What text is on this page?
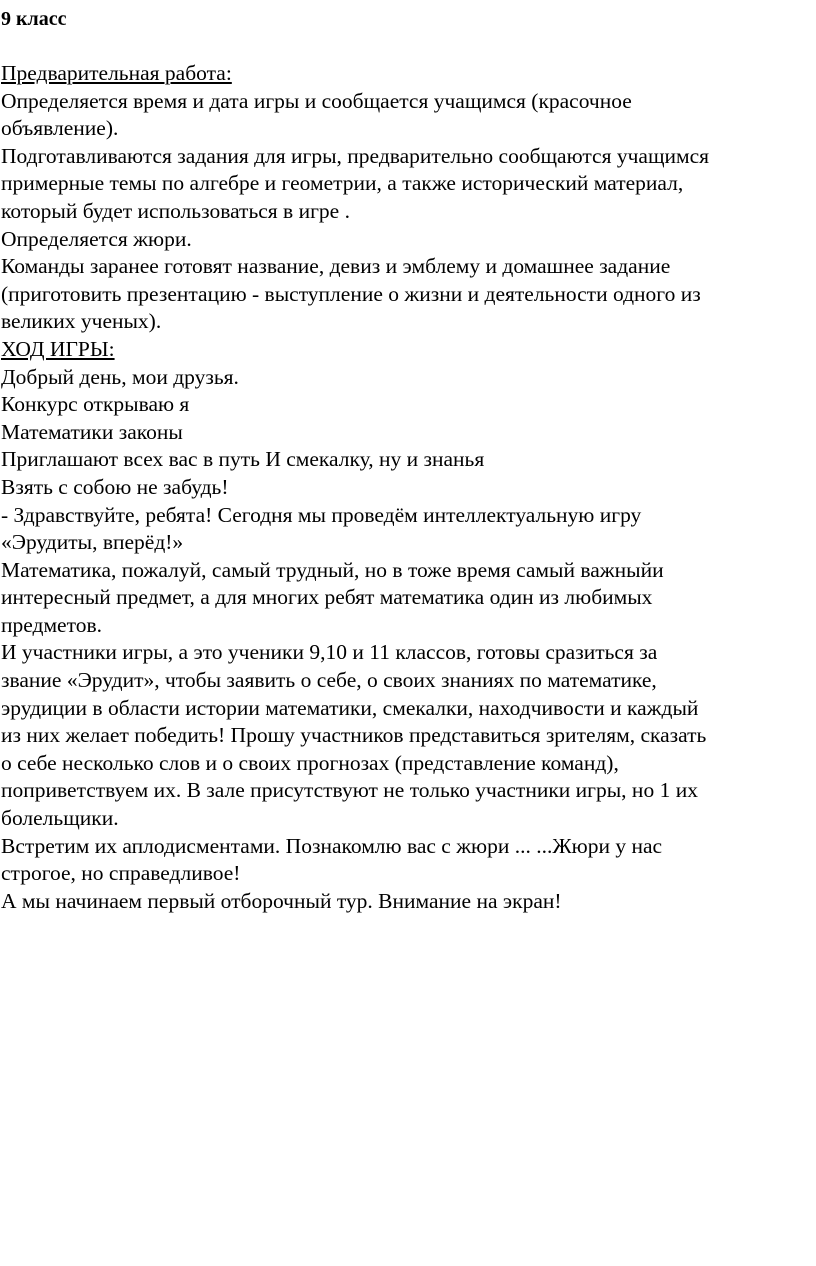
9 класс

Предварительная работа:

Определяется время и дата игры и сообщается учащимся (красочное

объявление).

Подготавливаются задания для игры, предварительно сообщаются учащимся

примерные темы по алгебре и геометрии, а также исторический материал,

который будет использоваться в игре .

Определяется жюри.

Команды заранее готовят название, девиз и эмблему и домашнее задание

(приготовить презентацию - выступление о жизни и деятельности одного из

великих ученых).

ХОД ИГРЫ:

Добрый день, мои друзья.

Конкурс открываю я

Математики законы

Приглашают всех вас в путь И смекалку, ну и знанья

Взять с собою не забудь!

- Здравствуйте, ребята! Сегодня мы проведём интеллектуальную игру

«Эрудиты, вперёд!»

Математика, пожалуй, самый трудный, но в тоже время самый важныйи

интересный предмет, а для многих ребят математика один из любимых

предметов.

И участники игры, а это ученики 9,10 и 11 классов, готовы сразиться за

звание «Эрудит», чтобы заявить о себе, о своих знаниях по математике,

эрудиции в области истории математики, смекалки, находчивости и каждый

из них желает победить! Прошу участников представиться зрителям, сказать

о себе несколько слов и о своих прогнозах (представление команд),

поприветствуем их. В зале присутствуют не только участники игры, но 1 их

болельщики.

Встретим их аплодисментами. Познакомлю вас с жюри ... ...Жюри у нас

строгое, но справедливое!

А мы начинаем первый отборочный тур. Внимание на экран!
